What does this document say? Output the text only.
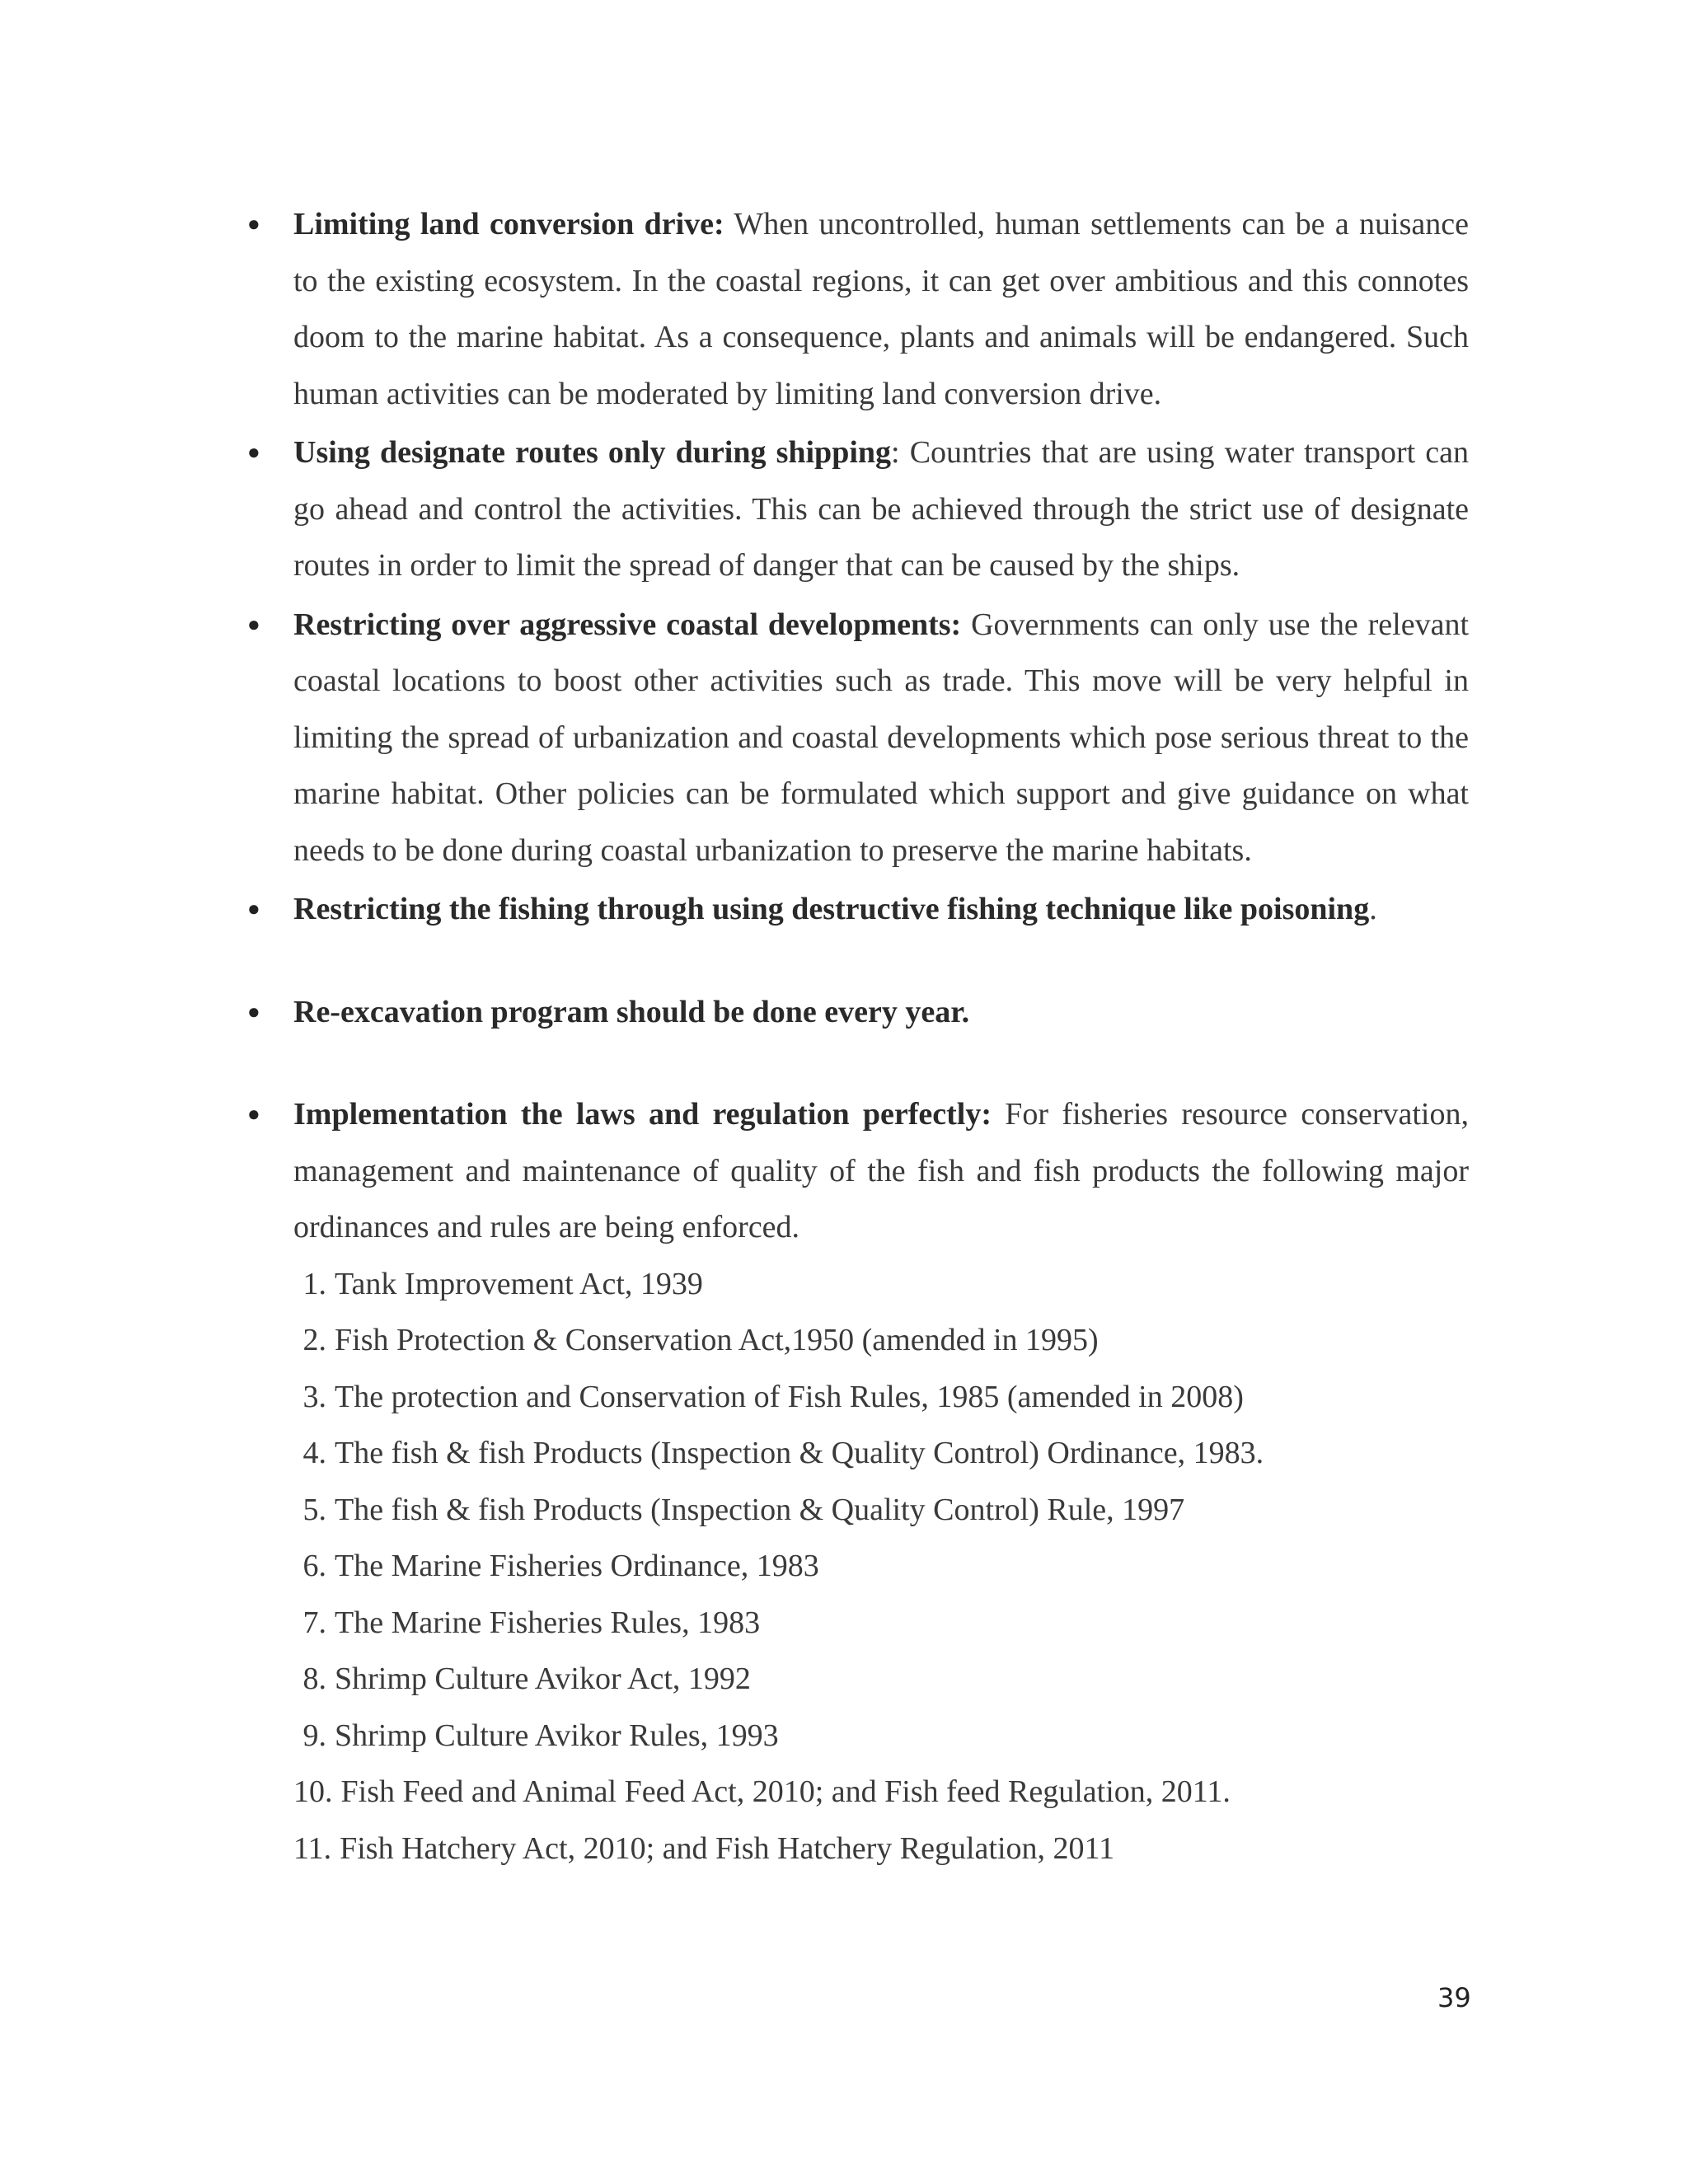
● Limiting land conversion drive: When uncontrolled, human settlements can be a nuisance to the existing ecosystem. In the coastal regions, it can get over ambitious and this connotes doom to the marine habitat. As a consequence, plants and animals will be endangered. Such human activities can be moderated by limiting land conversion drive.

● Using designate routes only during shipping: Countries that are using water transport can go ahead and control the activities. This can be achieved through the strict use of designate routes in order to limit the spread of danger that can be caused by the ships.

● Restricting over aggressive coastal developments: Governments can only use the relevant coastal locations to boost other activities such as trade. This move will be very helpful in limiting the spread of urbanization and coastal developments which pose serious threat to the marine habitat. Other policies can be formulated which support and give guidance on what needs to be done during coastal urbanization to preserve the marine habitats.

● Restricting the fishing through using destructive fishing technique like poisoning.

● Re-excavation program should be done every year.

● Implementation the laws and regulation perfectly: For fisheries resource conservation, management and maintenance of quality of the fish and fish products the following major ordinances and rules are being enforced.

1. Tank Improvement Act, 1939
2. Fish Protection & Conservation Act,1950 (amended in 1995)
3. The protection and Conservation of Fish Rules, 1985 (amended in 2008)
4. The fish & fish Products (Inspection & Quality Control) Ordinance, 1983.
5. The fish & fish Products (Inspection & Quality Control) Rule, 1997
6. The Marine Fisheries Ordinance, 1983
7. The Marine Fisheries Rules, 1983
8. Shrimp Culture Avikor Act, 1992
9. Shrimp Culture Avikor Rules, 1993
10. Fish Feed and Animal Feed Act, 2010; and Fish feed Regulation, 2011.
11. Fish Hatchery Act, 2010; and Fish Hatchery Regulation, 2011
39
